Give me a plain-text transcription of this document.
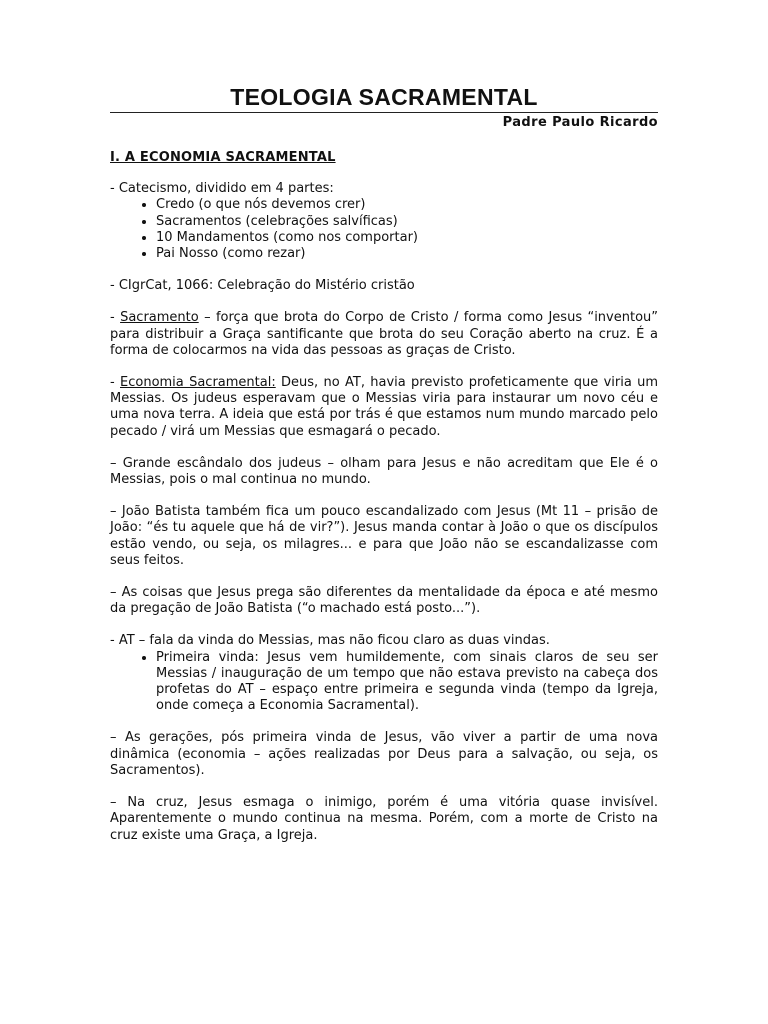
TEOLOGIA SACRAMENTAL
Padre Paulo Ricardo
I. A ECONOMIA SACRAMENTAL

- Catecismo, dividido em 4 partes:

• Credo (o que nós devemos crer)
• Sacramentos (celebrações salvíficas)
• 10 Mandamentos (como nos comportar)
• Pai Nosso (como rezar)

- CIgrCat, 1066: Celebração do Mistério cristão

- Sacramento – força que brota do Corpo de Cristo / forma como Jesus “inventou” para distribuir a Graça santificante que brota do seu Coração aberto na cruz. É a forma de colocarmos na vida das pessoas as graças de Cristo.

- Economia Sacramental: Deus, no AT, havia previsto profeticamente que viria um Messias. Os judeus esperavam que o Messias viria para instaurar um novo céu e uma nova terra. A ideia que está por trás é que estamos num mundo marcado pelo pecado / virá um Messias que esmagará o pecado.

– Grande escândalo dos judeus – olham para Jesus e não acreditam que Ele é o Messias, pois o mal continua no mundo.

– João Batista também fica um pouco escandalizado com Jesus (Mt 11 – prisão de João: “és tu aquele que há de vir?”). Jesus manda contar à João o que os discípulos estão vendo, ou seja, os milagres... e para que João não se escandalizasse com seus feitos.

– As coisas que Jesus prega são diferentes da mentalidade da época e até mesmo da pregação de João Batista (“o machado está posto...”).

- AT – fala da vinda do Messias, mas não ficou claro as duas vindas.

• Primeira vinda: Jesus vem humildemente, com sinais claros de seu ser Messias / inauguração de um tempo que não estava previsto na cabeça dos profetas do AT – espaço entre primeira e segunda vinda (tempo da Igreja, onde começa a Economia Sacramental).

– As gerações, pós primeira vinda de Jesus, vão viver a partir de uma nova dinâmica (economia – ações realizadas por Deus para a salvação, ou seja, os Sacramentos).

– Na cruz, Jesus esmaga o inimigo, porém é uma vitória quase invisível. Aparentemente o mundo continua na mesma. Porém, com a morte de Cristo na cruz existe uma Graça, a Igreja.
